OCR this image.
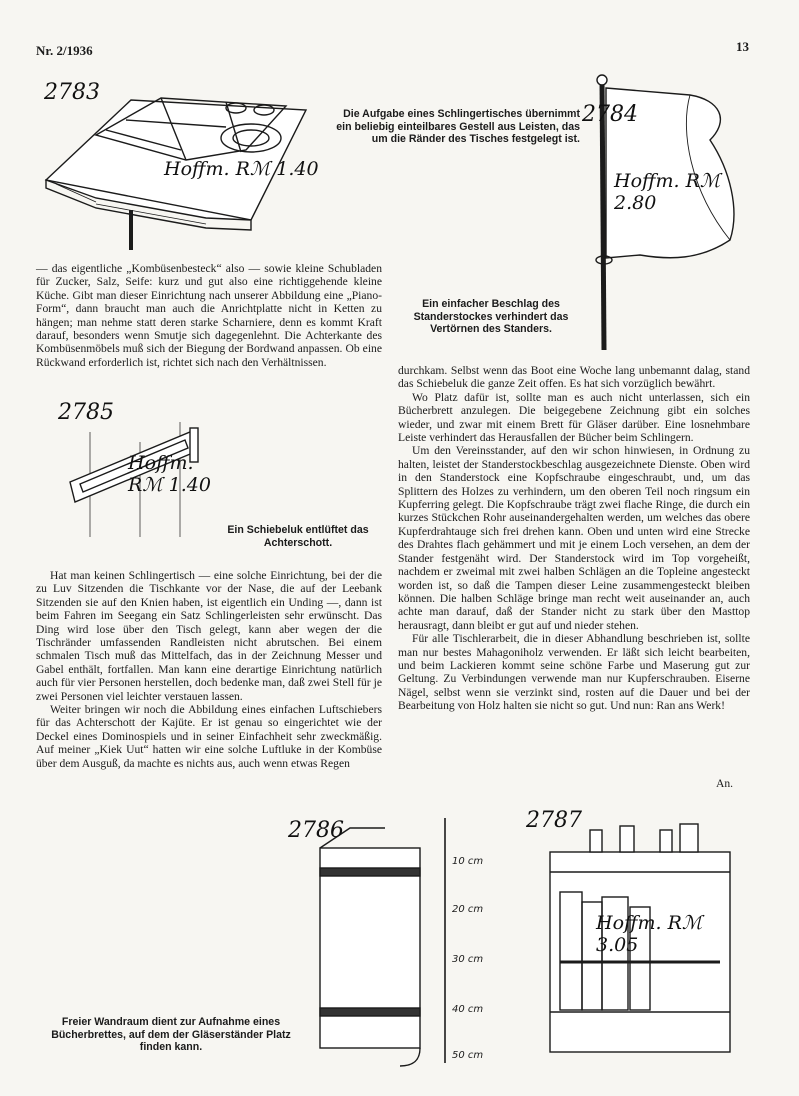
Nr. 2/1936	13
2783
Hoffm. Rℳ 1.40
Die Aufgabe eines Schlingertisches übernimmt ein beliebig einteilbares Gestell aus Leisten, das um die Ränder des Tisches festgelegt ist.
2784
Hoffm. Rℳ 2.80
Ein einfacher Beschlag des Standerstockes verhindert das Vertörnen des Standers.

— das eigentliche „Kombüsenbesteck“ also — sowie kleine Schubladen für Zucker, Salz, Seife: kurz und gut also eine richtiggehende kleine Küche. Gibt man dieser Einrichtung nach unserer Abbildung eine „Piano-Form“, dann braucht man auch die Anrichtplatte nicht in Ketten zu hängen; man nehme statt deren starke Scharniere, denn es kommt Kraft darauf, besonders wenn Smutje sich dagegenlehnt. Die Achterkante des Kombüsenmöbels muß sich der Biegung der Bordwand anpassen. Ob eine Rückwand erforderlich ist, richtet sich nach den Verhältnissen.

2785
Hoffm. Rℳ 1.40
Ein Schiebeluk entlüftet das Achterschott.

Hat man keinen Schlingertisch — eine solche Einrichtung, bei der die zu Luv Sitzenden die Tischkante vor der Nase, die auf der Leebank Sitzenden sie auf den Knien haben, ist eigentlich ein Unding —, dann ist beim Fahren im Seegang ein Satz Schlingerleisten sehr erwünscht. Das Ding wird lose über den Tisch gelegt, kann aber wegen der die Tischränder umfassenden Randleisten nicht abrutschen. Bei einem schmalen Tisch muß das Mittelfach, das in der Zeichnung Messer und Gabel enthält, fortfallen. Man kann eine derartige Einrichtung natürlich auch für vier Personen herstellen, doch bedenke man, daß zwei Stell für je zwei Personen viel leichter verstauen lassen.

Weiter bringen wir noch die Abbildung eines einfachen Luftschiebers für das Achterschott der Kajüte. Er ist genau so eingerichtet wie der Deckel eines Dominospiels und in seiner Einfachheit sehr zweckmäßig. Auf meiner „Kiek Uut“ hatten wir eine solche Luftluke in der Kombüse über dem Ausguß, da machte es nichts aus, auch wenn etwas Regen

durchkam. Selbst wenn das Boot eine Woche lang unbemannt dalag, stand das Schiebeluk die ganze Zeit offen. Es hat sich vorzüglich bewährt.

Wo Platz dafür ist, sollte man es auch nicht unterlassen, sich ein Bücherbrett anzulegen. Die beigegebene Zeichnung gibt ein solches wieder, und zwar mit einem Brett für Gläser darüber. Eine losnehmbare Leiste verhindert das Herausfallen der Bücher beim Schlingern.

Um den Vereinsstander, auf den wir schon hinwiesen, in Ordnung zu halten, leistet der Standerstockbeschlag ausgezeichnete Dienste. Oben wird in den Standerstock eine Kopfschraube eingeschraubt, und, um das Splittern des Holzes zu verhindern, um den oberen Teil noch ringsum ein Kupferring gelegt. Die Kopfschraube trägt zwei flache Ringe, die durch ein kurzes Stückchen Rohr auseinandergehalten werden, um welches das obere Kupferdrahtauge sich frei drehen kann. Oben und unten wird eine Strecke des Drahtes flach gehämmert und mit je einem Loch versehen, an dem der Stander festgenäht wird. Der Standerstock wird im Top vorgeheißt, nachdem er zweimal mit zwei halben Schlägen an die Topleine angesteckt worden ist, so daß die Tampen dieser Leine zusammengesteckt bleiben können. Die halben Schläge bringe man recht weit auseinander an, auch achte man darauf, daß der Stander nicht zu stark über den Masttop herausragt, dann bleibt er gut auf und nieder stehen.

Für alle Tischlerarbeit, die in dieser Abhandlung beschrieben ist, sollte man nur bestes Mahagoniholz verwenden. Er läßt sich leicht bearbeiten, und beim Lackieren kommt seine schöne Farbe und Maserung gut zur Geltung. Zu Verbindungen verwende man nur Kupferschrauben. Eiserne Nägel, selbst wenn sie verzinkt sind, rosten auf die Dauer und bei der Bearbeitung von Holz halten sie nicht so gut. Und nun: Ran ans Werk!

An.
2786
10 cm
20 cm
30 cm
40 cm
50 cm
2787
Hoffm. Rℳ 3.05
Freier Wandraum dient zur Aufnahme eines Bücherbrettes, auf dem der Gläserständer Platz finden kann.
